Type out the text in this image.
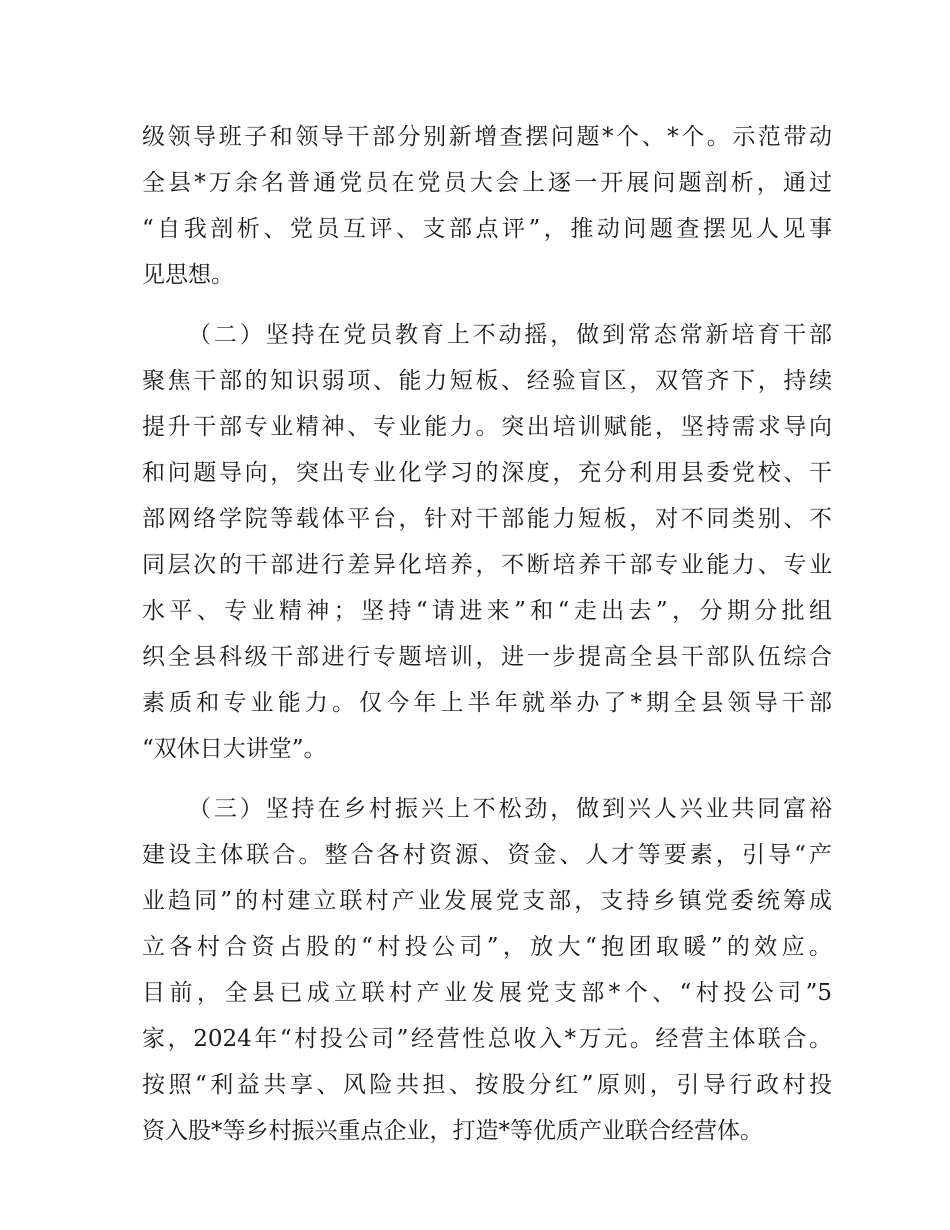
级领导班子和领导干部分别新增查摆问题*个、*个。示范带动
全县*万余名普通党员在党员大会上逐一开展问题剖析，通过
“自我剖析、党员互评、支部点评”，推动问题查摆见人见事
见思想。
（二）坚持在党员教育上不动摇，做到常态常新培育干部
聚焦干部的知识弱项、能力短板、经验盲区，双管齐下，持续
提升干部专业精神、专业能力。突出培训赋能，坚持需求导向
和问题导向，突出专业化学习的深度，充分利用县委党校、干
部网络学院等载体平台，针对干部能力短板，对不同类别、不
同层次的干部进行差异化培养，不断培养干部专业能力、专业
水平、专业精神；坚持“请进来”和“走出去”，分期分批组
织全县科级干部进行专题培训，进一步提高全县干部队伍综合
素质和专业能力。仅今年上半年就举办了*期全县领导干部
“双休日大讲堂”。
（三）坚持在乡村振兴上不松劲，做到兴人兴业共同富裕
建设主体联合。整合各村资源、资金、人才等要素，引导“产
业趋同”的村建立联村产业发展党支部，支持乡镇党委统筹成
立各村合资占股的“村投公司”，放大“抱团取暖”的效应。
目前，全县已成立联村产业发展党支部*个、“村投公司”5
家，2024年“村投公司”经营性总收入*万元。经营主体联合。
按照“利益共享、风险共担、按股分红”原则，引导行政村投
资入股*等乡村振兴重点企业，打造*等优质产业联合经营体。
